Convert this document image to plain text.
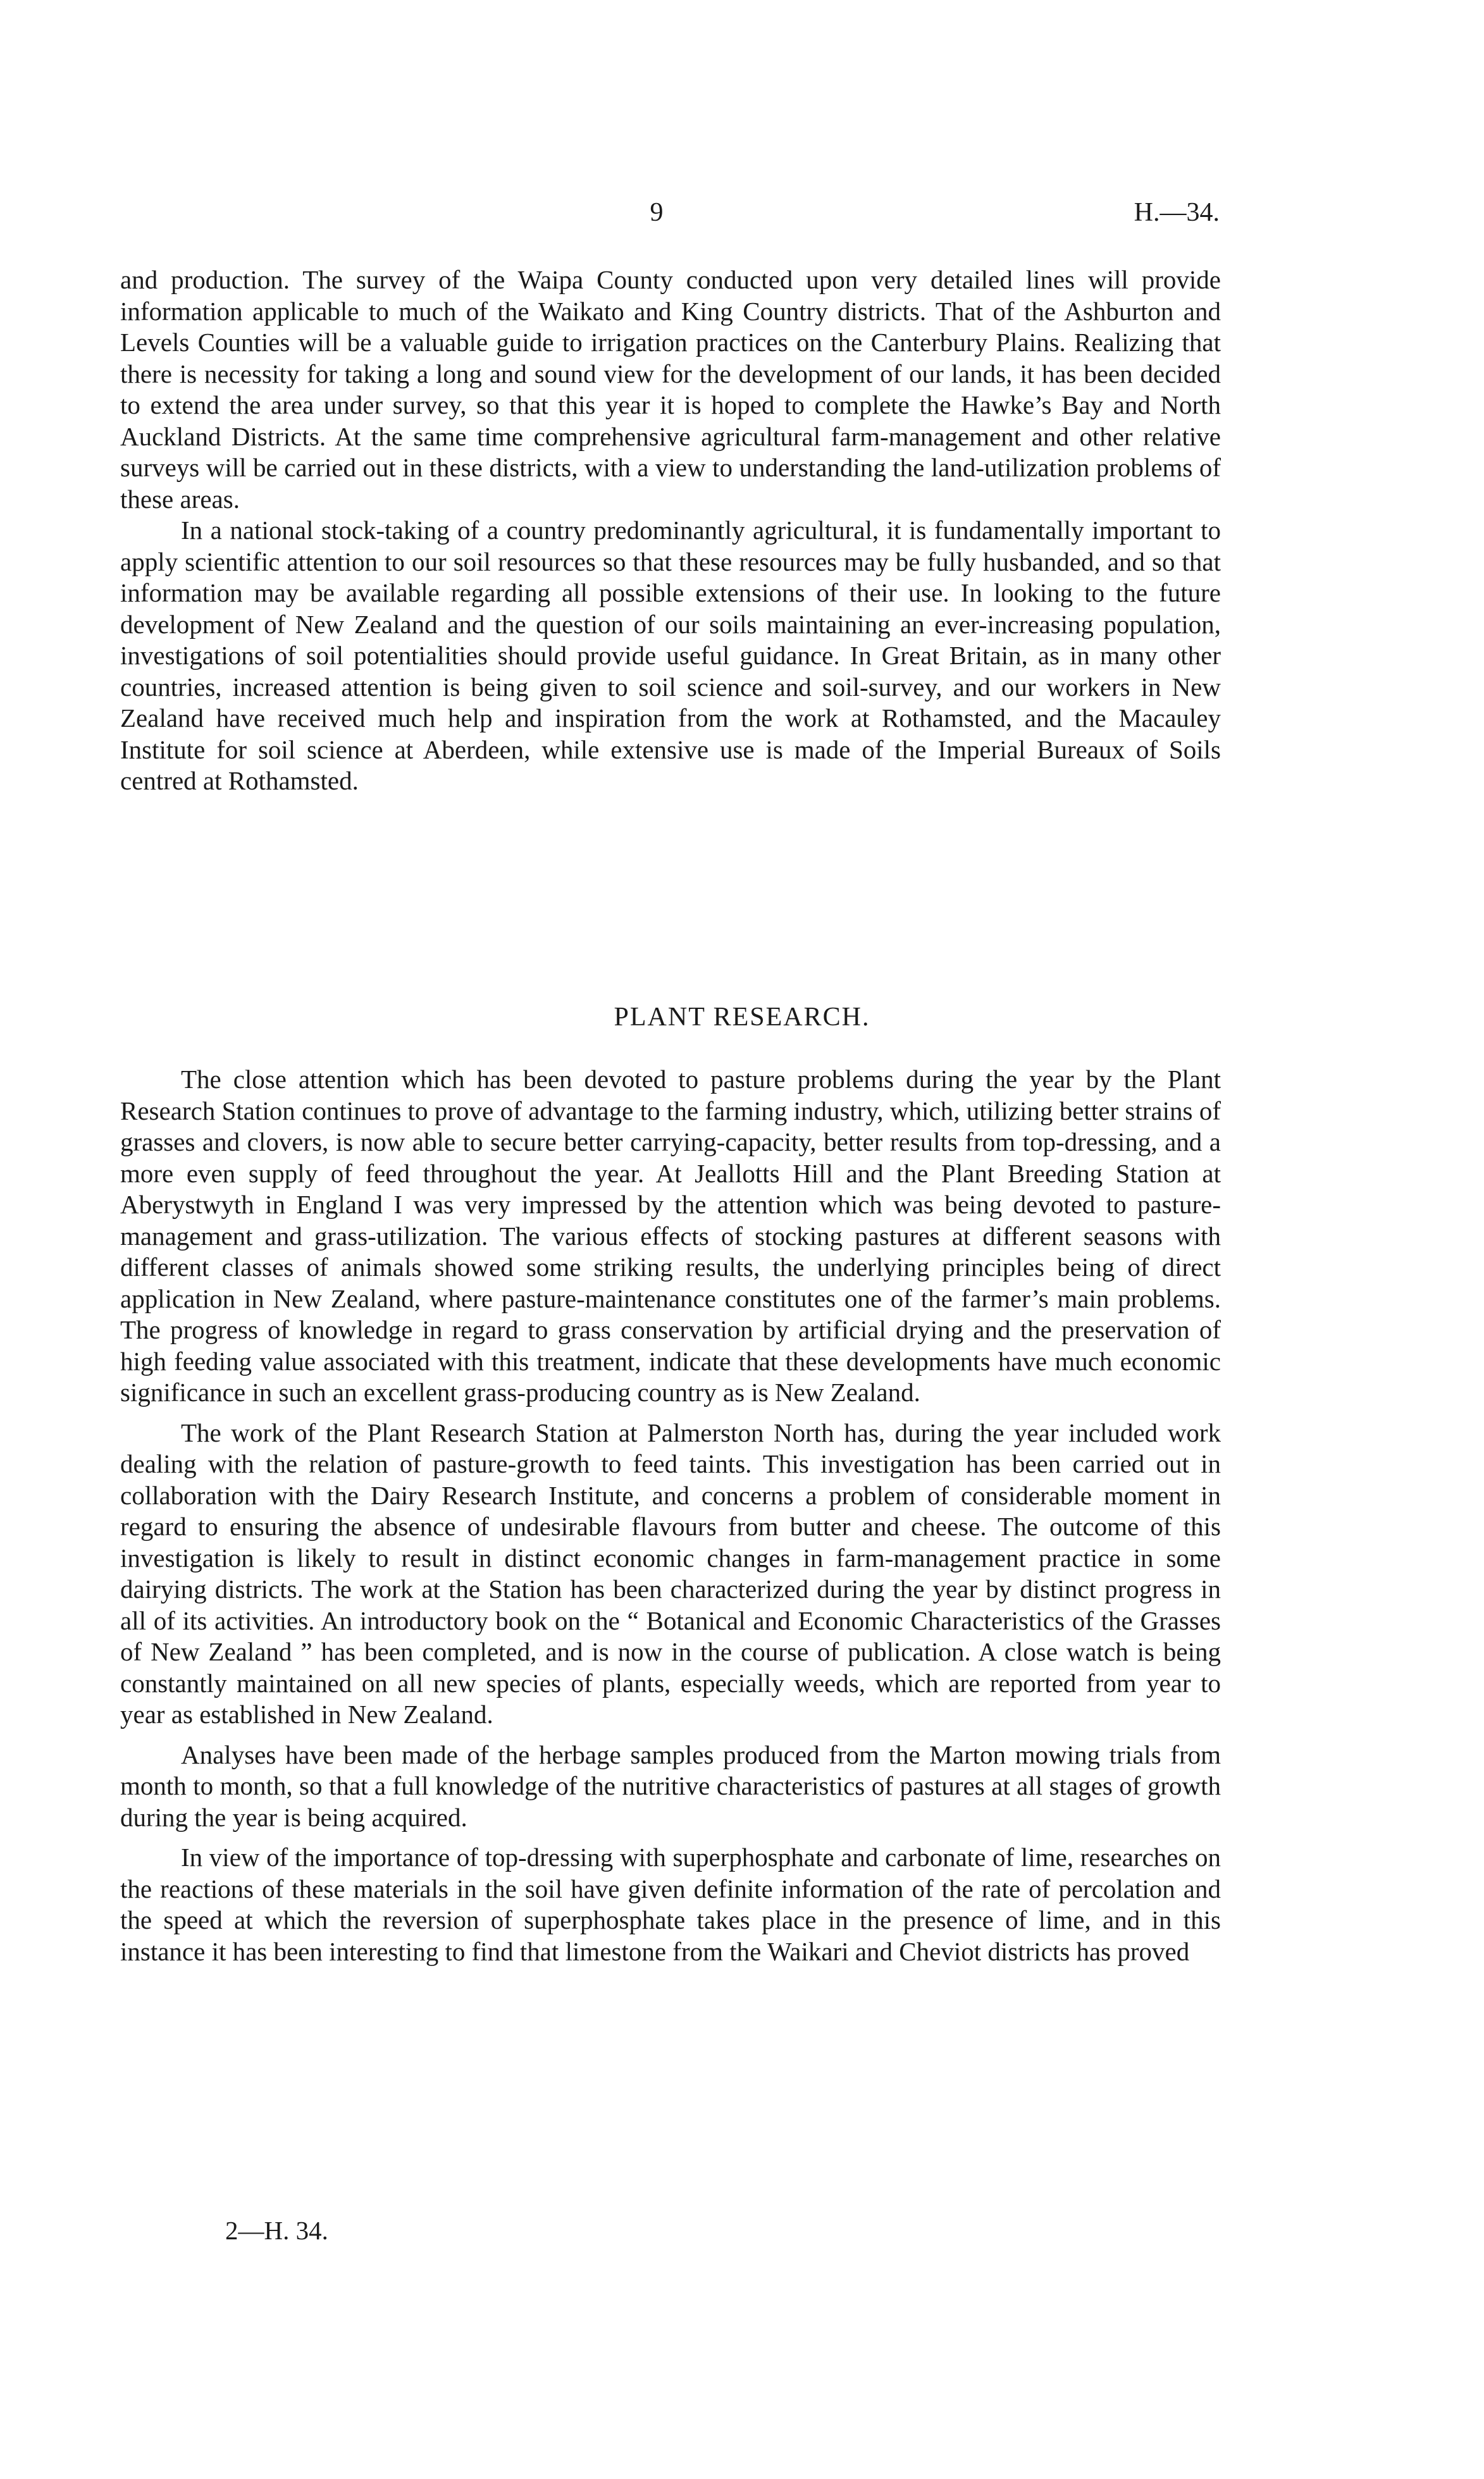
9	H.—34.

and production. The survey of the Waipa County conducted upon very detailed lines will provide information applicable to much of the Waikato and King Country districts. That of the Ashburton and Levels Counties will be a valuable guide to irrigation practices on the Canterbury Plains. Realizing that there is necessity for taking a long and sound view for the development of our lands, it has been decided to extend the area under survey, so that this year it is hoped to complete the Hawke’s Bay and North Auckland Districts. At the same time comprehensive agricultural farm-management and other relative surveys will be carried out in these districts, with a view to understanding the land-utilization problems of these areas.

In a national stock-taking of a country predominantly agricultural, it is fundamentally important to apply scientific attention to our soil resources so that these resources may be fully husbanded, and so that information may be available regarding all possible extensions of their use. In looking to the future development of New Zealand and the question of our soils maintaining an ever-increasing population, investigations of soil potentialities should provide useful guidance. In Great Britain, as in many other countries, increased attention is being given to soil science and soil-survey, and our workers in New Zealand have received much help and inspiration from the work at Rothamsted, and the Macauley Institute for soil science at Aberdeen, while extensive use is made of the Imperial Bureaux of Soils centred at Rothamsted.

PLANT RESEARCH.

The close attention which has been devoted to pasture problems during the year by the Plant Research Station continues to prove of advantage to the farming industry, which, utilizing better strains of grasses and clovers, is now able to secure better carrying-capacity, better results from top-dressing, and a more even supply of feed throughout the year. At Jeallotts Hill and the Plant Breeding Station at Aberystwyth in England I was very impressed by the attention which was being devoted to pasture-management and grass-utilization. The various effects of stocking pastures at different seasons with different classes of animals showed some striking results, the underlying principles being of direct application in New Zealand, where pasture-maintenance constitutes one of the farmer’s main problems. The progress of knowledge in regard to grass conservation by artificial drying and the preservation of high feeding value associated with this treatment, indicate that these developments have much economic significance in such an excellent grass-producing country as is New Zealand.

The work of the Plant Research Station at Palmerston North has, during the year included work dealing with the relation of pasture-growth to feed taints. This investigation has been carried out in collaboration with the Dairy Research Institute, and concerns a problem of considerable moment in regard to ensuring the absence of undesirable flavours from butter and cheese. The outcome of this investigation is likely to result in distinct economic changes in farm-management practice in some dairying districts. The work at the Station has been characterized during the year by distinct progress in all of its activities. An introductory book on the “ Botanical and Economic Characteristics of the Grasses of New Zealand ” has been completed, and is now in the course of publication. A close watch is being constantly maintained on all new species of plants, especially weeds, which are reported from year to year as established in New Zealand.

Analyses have been made of the herbage samples produced from the Marton mowing trials from month to month, so that a full knowledge of the nutritive characteristics of pastures at all stages of growth during the year is being acquired.

In view of the importance of top-dressing with superphosphate and carbonate of lime, researches on the reactions of these materials in the soil have given definite information of the rate of percolation and the speed at which the reversion of superphosphate takes place in the presence of lime, and in this instance it has been interesting to find that limestone from the Waikari and Cheviot districts has proved

2—H. 34.
